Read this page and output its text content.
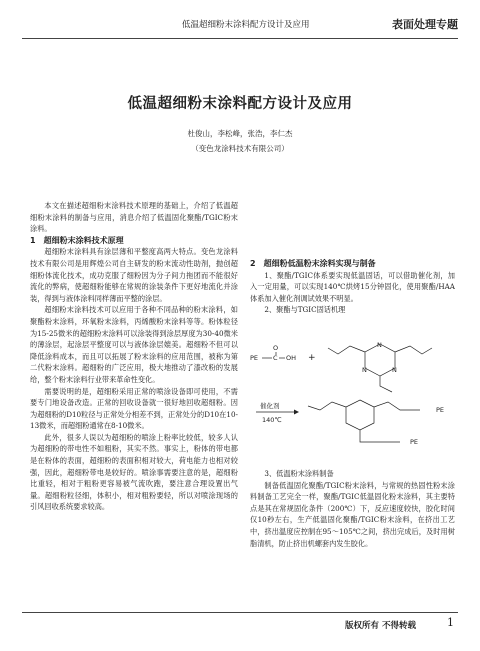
低温超细粉末涂料配方设计及应用	表面处理专题
低温超细粉末涂料配方设计及应用
杜俊山，李松峰，张浩，李仁杰
（变色龙涂料技术有限公司）

本文在描述超细粉末涂料技术原理的基础上，介绍了低温超细粉末涂料的制备与应用，消息介绍了低温固化聚酯/TGIC粉末涂料。

1　超细粉末涂料技术原理

超细粉末涂料具有涂层薄和平整度高两大特点。变色龙涂料技术有限公司是用辉煌公司自主研发的粉末流动性助剂，抛创超细粉体流化技术，成功克服了细粉因为分子间力拖团而不能很好流化的弊病，使超细粉能够在常规的涂装条件下更好地流化并涂装，得到与液体涂料同样薄而平整的涂层。

超细粉末涂料技术可以应用于各种不同品种的粉末涂料，如聚酯粉末涂料，环氧粉末涂料，丙烯酸粉末涂料等等。粉体粒径为15-25微米的超细粉末涂料可以涂装得到涂层厚度为30-40微米的薄涂层，起涂层平整度可以与液体涂层媲美。超细粉不但可以降低涂料成本，而且可以拓展了粉末涂料的应用范围，被称为第二代粉末涂料。超细粉的广泛应用，极大地推动了漆改粉的发展给，整个粉末涂料行业带来革命性变化。

需要说明的是，超细粉采用正常的喷涂设备即可使用，不需要专门地设备改造。正常的回收设备就一很好地回收超细粉。因为超细粉的D10粒径与正常处分相差不到，正常处分的D10在10-13微米，而超细粉通常在8-10微米。

此外，很多人误以为超细粉的喷涂上粉率比较低，较多人认为超细粉的带电性不如粗粉，其实不然。事实上，粉体的带电都是在粉体的表面，超细粉的表面积相对较大，荷电能力也相对较强，因此，超细粉带电是较好的。喷涂事需要注意的是，超细粉比重轻，相对于粗粉更容易被气流吹跑，要注意合理设置出气量。超细粉粒径细，体积小，相对粗粉要轻，所以对喷涂现场的引风回收系统要求较高。

2　超细粉低温粉末涂料实现与制备

1、聚酯/TGIC体系要实现低温固话，可以借助催化剂，加入一定用量，可以实现140℃烘烤15分钟固化，使用聚酯/HAA体系加入催化剂调试效果不明显。

2、聚酯与TGIC固话机理

PE C
O
OH +
N
N	N
催化剂
140℃
PE
PE

3、低温粉末涂料制备

制备低温固化聚酯/TGIC粉末涂料，与常规的热固性粉末涂料制备工艺完全一样，聚酯/TGIC低温固化粉末涂料，其主要特点是其在常规固化条件（200℃）下，反应速度较快，胶化时间仅10秒左右，生产低温固化聚酯/TGIC粉末涂料，在挤出工艺中，挤出温度应控制在95～105℃之间，挤出完成后，及时用树脂清机，防止挤出机螺套内发生胶化。

版权所有 不得转载	1
